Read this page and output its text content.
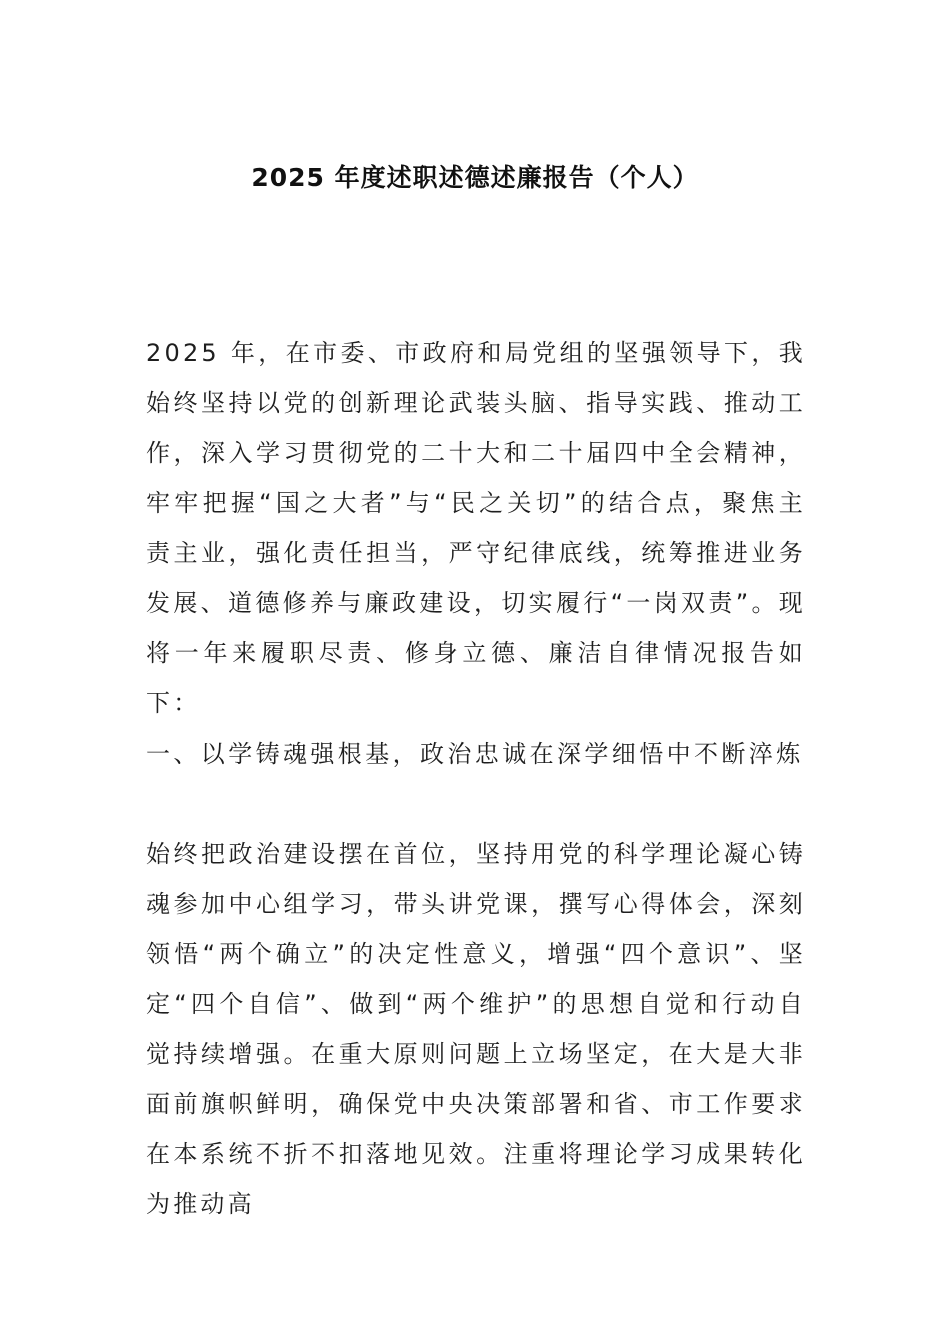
2025 年度述职述德述廉报告（个人）

2025 年，在市委、市政府和局党组的坚强领导下，我始终坚持以党的创新理论武装头脑、指导实践、推动工作，深入学习贯彻党的二十大和二十届四中全会精神，牢牢把握“国之大者”与“民之关切”的结合点，聚焦主责主业，强化责任担当，严守纪律底线，统筹推进业务发展、道德修养与廉政建设，切实履行“一岗双责”。现将一年来履职尽责、修身立德、廉洁自律情况报告如下：

一、以学铸魂强根基，政治忠诚在深学细悟中不断淬炼

始终把政治建设摆在首位，坚持用党的科学理论凝心铸魂参加中心组学习，带头讲党课，撰写心得体会，深刻领悟“两个确立”的决定性意义，增强“四个意识”、坚定“四个自信”、做到“两个维护”的思想自觉和行动自觉持续增强。在重大原则问题上立场坚定，在大是大非面前旗帜鲜明，确保党中央决策部署和省、市工作要求在本系统不折不扣落地见效。注重将理论学习成果转化为推动高
